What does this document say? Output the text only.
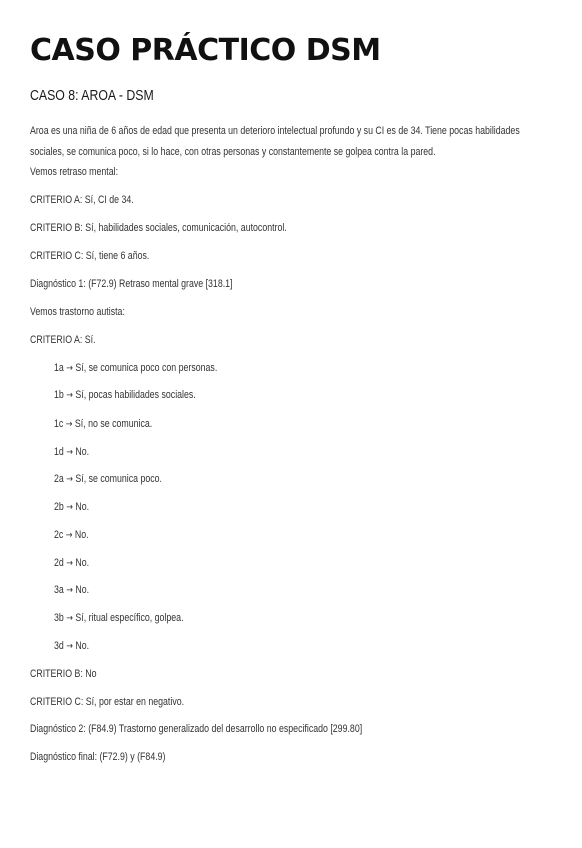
CASO PRÁCTICO DSM
CASO 8: AROA - DSM

Aroa es una niña de 6 años de edad que presenta un deterioro intelectual profundo y su CI es de 34. Tiene pocas habilidades sociales, se comunica poco, si lo hace, con otras personas y constantemente se golpea contra la pared.

Vemos retraso mental:

CRITERIO A: Sí, CI de 34.

CRITERIO B: Sí, habilidades sociales, comunicación, autocontrol.

CRITERIO C: Sí, tiene 6 años.

Diagnóstico 1: (F72.9) Retraso mental grave [318.1]

Vemos trastorno autista:

CRITERIO A: Sí.

1a → Sí, se comunica poco con personas.

1b → Sí, pocas habilidades sociales.

1c → Sí, no se comunica.

1d → No.

2a → Sí, se comunica poco.

2b → No.

2c → No.

2d → No.

3a → No.

3b → Sí, ritual específico, golpea.

3d → No.

CRITERIO B: No

CRITERIO C: Sí, por estar en negativo.

Diagnóstico 2: (F84.9) Trastorno generalizado del desarrollo no especificado [299.80]

Diagnóstico final: (F72.9) y (F84.9)
